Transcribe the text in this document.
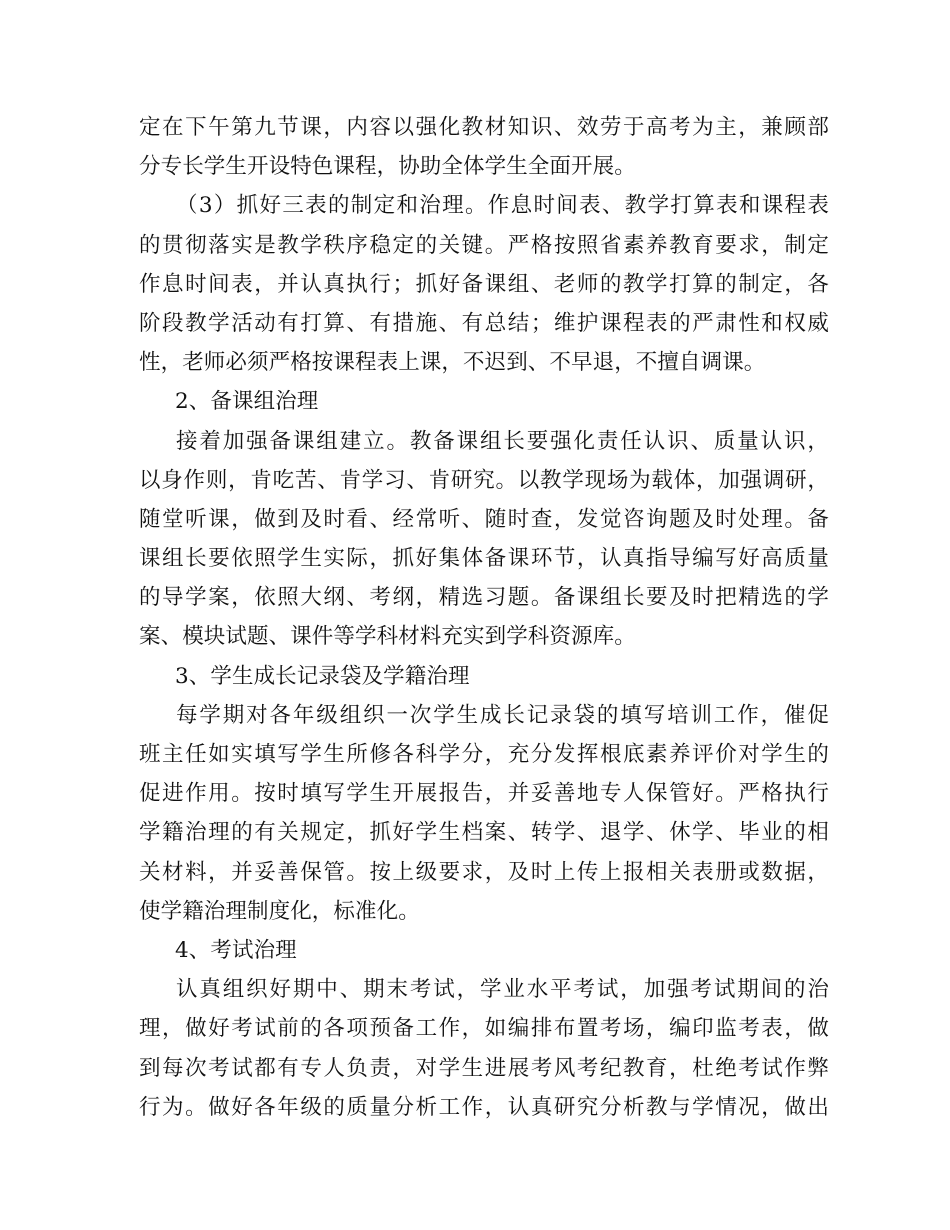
定在下午第九节课，内容以强化教材知识、效劳于高考为主，兼顾部
分专长学生开设特色课程，协助全体学生全面开展。
（3）抓好三表的制定和治理。作息时间表、教学打算表和课程表
的贯彻落实是教学秩序稳定的关键。严格按照省素养教育要求，制定
作息时间表，并认真执行；抓好备课组、老师的教学打算的制定，各
阶段教学活动有打算、有措施、有总结；维护课程表的严肃性和权威
性，老师必须严格按课程表上课，不迟到、不早退，不擅自调课。
2、备课组治理
接着加强备课组建立。教备课组长要强化责任认识、质量认识，
以身作则，肯吃苦、肯学习、肯研究。以教学现场为载体，加强调研，
随堂听课，做到及时看、经常听、随时查，发觉咨询题及时处理。备
课组长要依照学生实际，抓好集体备课环节，认真指导编写好高质量
的导学案，依照大纲、考纲，精选习题。备课组长要及时把精选的学
案、模块试题、课件等学科材料充实到学科资源库。
3、学生成长记录袋及学籍治理
每学期对各年级组织一次学生成长记录袋的填写培训工作，催促
班主任如实填写学生所修各科学分，充分发挥根底素养评价对学生的
促进作用。按时填写学生开展报告，并妥善地专人保管好。严格执行
学籍治理的有关规定，抓好学生档案、转学、退学、休学、毕业的相
关材料，并妥善保管。按上级要求，及时上传上报相关表册或数据，
使学籍治理制度化，标准化。
4、考试治理
认真组织好期中、期末考试，学业水平考试，加强考试期间的治
理，做好考试前的各项预备工作，如编排布置考场，编印监考表，做
到每次考试都有专人负责，对学生进展考风考纪教育，杜绝考试作弊
行为。做好各年级的质量分析工作，认真研究分析教与学情况，做出
